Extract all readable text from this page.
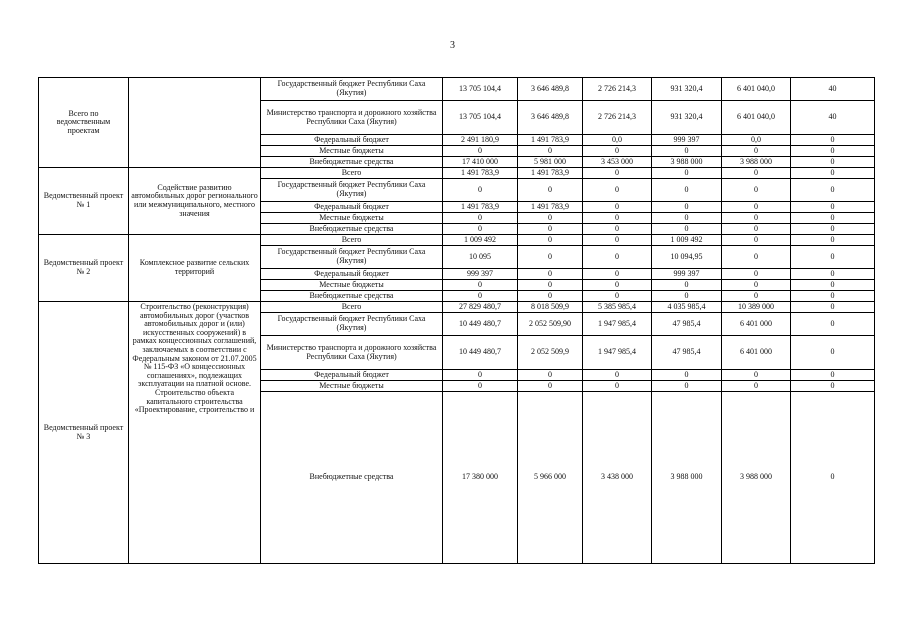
3
Всего по ведомственным проектам		Государственный бюджет Республики Саха (Якутия)	13 705 104,4	3 646 489,8	2 726 214,3	931 320,4	6 401 040,0	40
		Министерство транспорта и дорожного хозяйства Республики Саха (Якутия)	13 705 104,4	3 646 489,8	2 726 214,3	931 320,4	6 401 040,0	40
		Федеральный бюджет	2 491 180,9	1 491 783,9	0,0	999 397	0,0	0
		Местные бюджеты	0	0	0	0	0	0
		Внебюджетные средства	17 410 000	5 981 000	3 453 000	3 988 000	3 988 000	0
Ведомственный проект № 1	Содействие развитию автомобильных дорог регионального или межмуниципального, местного значения	Всего	1 491 783,9	1 491 783,9	0	0	0	0
		Государственный бюджет Республики Саха (Якутия)	0	0	0	0	0	0
		Федеральный бюджет	1 491 783,9	1 491 783,9	0	0	0	0
		Местные бюджеты	0	0	0	0	0	0
		Внебюджетные средства	0	0	0	0	0	0
Ведомственный проект № 2	Комплексное развитие сельских территорий	Всего	1 009 492	0	0	1 009 492	0	0
		Государственный бюджет Республики Саха (Якутия)	10 095	0	0	10 094,95	0	0
		Федеральный бюджет	999 397	0	0	999 397	0	0
		Местные бюджеты	0	0	0	0	0	0
		Внебюджетные средства	0	0	0	0	0	0
Ведомственный проект № 3	Строительство (реконструкция) автомобильных дорог (участков автомобильных дорог и (или) искусственных сооружений) в рамках концессионных соглашений, заключаемых в соответствии с Федеральным законом от 21.07.2005 № 115-ФЗ «О концессионных соглашениях», подлежащих эксплуатации на платной основе. Строительство объекта капитального строительства «Проектирование, строительство и	Всего	27 829 480,7	8 018 509,9	5 385 985,4	4 035 985,4	10 389 000	0
		Государственный бюджет Республики Саха (Якутия)	10 449 480,7	2 052 509,90	1 947 985,4	47 985,4	6 401 000	0
		Министерство транспорта и дорожного хозяйства Республики Саха (Якутия)	10 449 480,7	2 052 509,9	1 947 985,4	47 985,4	6 401 000	0
		Федеральный бюджет	0	0	0	0	0	0
		Местные бюджеты	0	0	0	0	0	0
		Внебюджетные средства	17 380 000	5 966 000	3 438 000	3 988 000	3 988 000	0
